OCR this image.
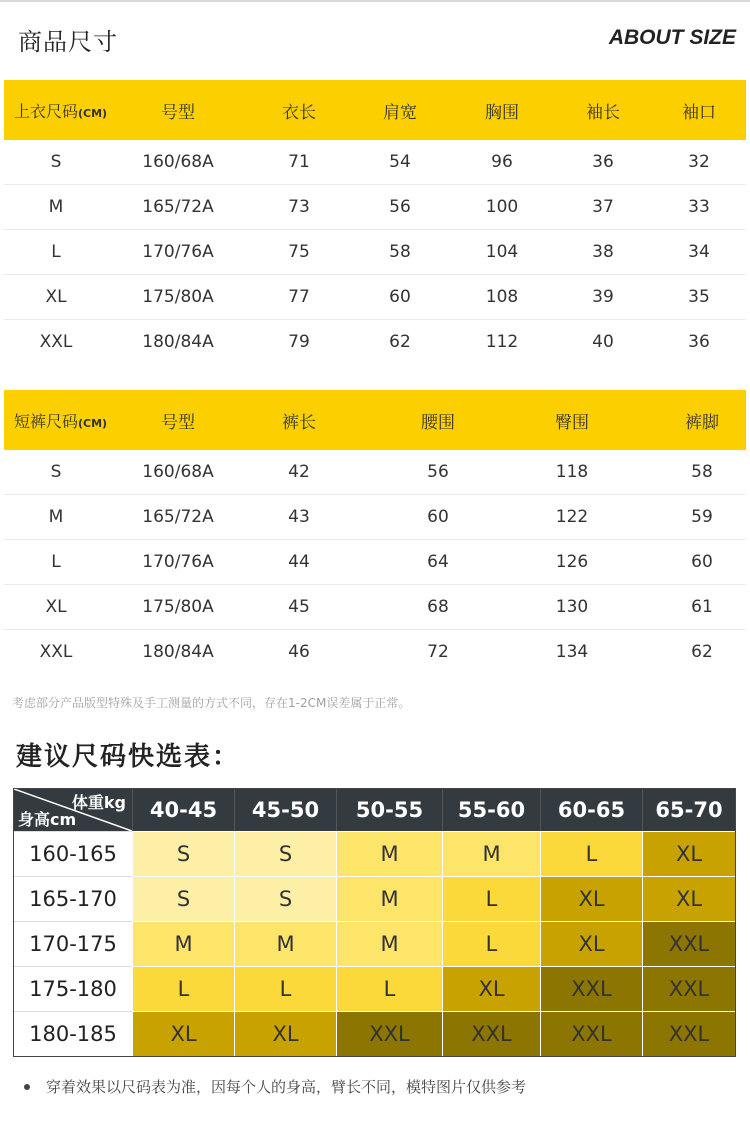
商品尺寸	ABOUT SIZE
上衣尺码(CM)	号型	衣长	肩宽	胸围	袖长	袖口
S	160/68A	71	54	96	36	32
M	165/72A	73	56	100	37	33
L	170/76A	75	58	104	38	34
XL	175/80A	77	60	108	39	35
XXL	180/84A	79	62	112	40	36
短裤尺码(CM)	号型	裤长	腰围	臀围	裤脚
S	160/68A	42	56	118	58
M	165/72A	43	60	122	59
L	170/76A	44	64	126	60
XL	175/80A	45	68	130	61
XXL	180/84A	46	72	134	62
考虑部分产品版型特殊及手工测量的方式不同，存在1-2CM误差属于正常。
建议尺码快选表：
体重kg
身高cm	40-45	45-50	50-55	55-60	60-65	65-70
160-165	S	S	M	M	L	XL
165-170	S	S	M	L	XL	XL
170-175	M	M	M	L	XL	XXL
175-180	L	L	L	XL	XXL	XXL
180-185	XL	XL	XXL	XXL	XXL	XXL
穿着效果以尺码表为准，因每个人的身高，臂长不同，模特图片仅供参考
